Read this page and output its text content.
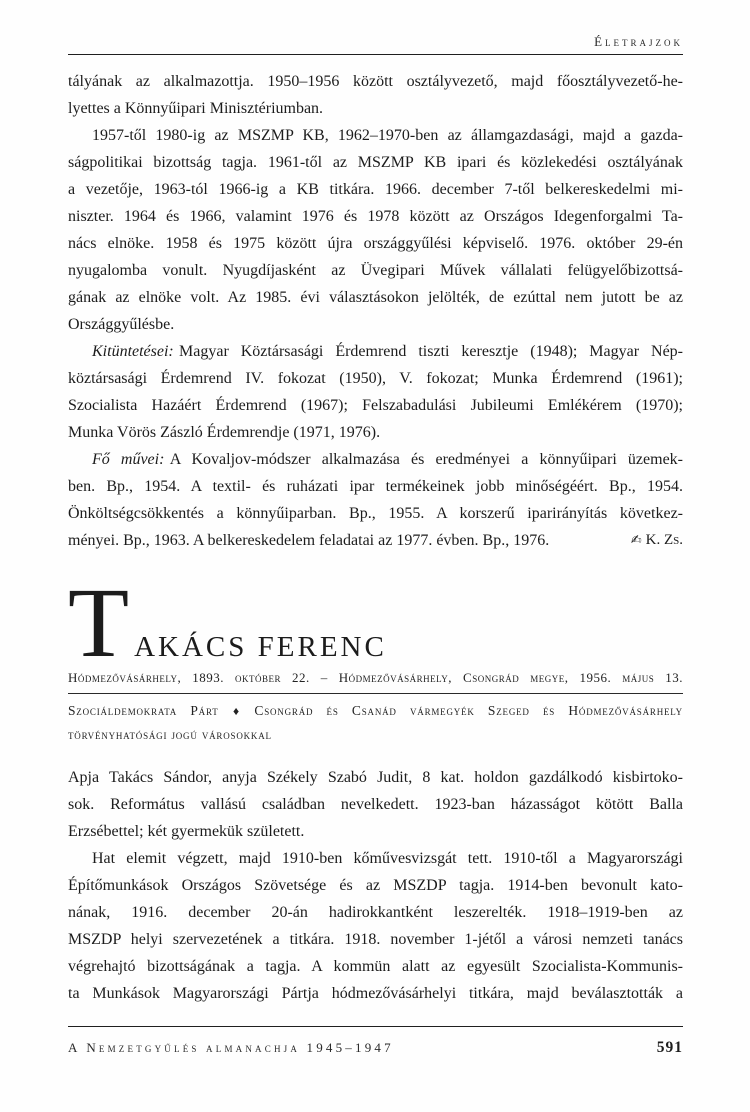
Életrajzok
tályának az alkalmazottja. 1950–1956 között osztályvezető, majd főosztályvezető-he-
lyettes a Könnyűipari Minisztériumban.
1957-től 1980-ig az MSZMP KB, 1962–1970-ben az államgazdasági, majd a gazda-
ságpolitikai bizottság tagja. 1961-től az MSZMP KB ipari és közlekedési osztályának
a vezetője, 1963-tól 1966-ig a KB titkára. 1966. december 7-től belkereskedelmi mi-
niszter. 1964 és 1966, valamint 1976 és 1978 között az Országos Idegenforgalmi Ta-
nács elnöke. 1958 és 1975 között újra országgyűlési képviselő. 1976. október 29-én
nyugalomba vonult. Nyugdíjasként az Üvegipari Művek vállalati felügyelőbizottsá-
gának az elnöke volt. Az 1985. évi választásokon jelölték, de ezúttal nem jutott be az
Országgyűlésbe.
Kitüntetései: Magyar Köztársasági Érdemrend tiszti keresztje (1948); Magyar Nép-
köztársasági Érdemrend IV. fokozat (1950), V. fokozat; Munka Érdemrend (1961);
Szocialista Hazáért Érdemrend (1967); Felszabadulási Jubileumi Emlékérem (1970);
Munka Vörös Zászló Érdemrendje (1971, 1976).
Fő művei: A Kovaljov-módszer alkalmazása és eredményei a könnyűipari üzemek-
ben. Bp., 1954. A textil- és ruházati ipar termékeinek jobb minőségéért. Bp., 1954.
Önköltségcsökkentés a könnyűiparban. Bp., 1955. A korszerű iparirányítás következ-
ményei. Bp., 1963. A belkereskedelem feladatai az 1977. évben. Bp., 1976.	✍ K. Zs.
TAKÁCS FERENC
Hódmezővásárhely, 1893. október 22. – Hódmezővásárhely, Csongrád megye, 1956. május 13.
Szociáldemokrata Párt ♦ Csongrád és Csanád vármegyék Szeged és Hódmezővásárhely
törvényhatósági jogú városokkal
Apja Takács Sándor, anyja Székely Szabó Judit, 8 kat. holdon gazdálkodó kisbirtoko-
sok. Református vallású családban nevelkedett. 1923-ban házasságot kötött Balla
Erzsébettel; két gyermekük született.
Hat elemit végzett, majd 1910-ben kőművesvizsgát tett. 1910-től a Magyarországi
Építőmunkások Országos Szövetsége és az MSZDP tagja. 1914-ben bevonult kato-
nának, 1916. december 20-án hadirokkantként leszerelték. 1918–1919-ben az
MSZDP helyi szervezetének a titkára. 1918. november 1-jétől a városi nemzeti tanács
végrehajtó bizottságának a tagja. A kommün alatt az egyesült Szocialista-Kommunis-
ta Munkások Magyarországi Pártja hódmezővásárhelyi titkára, majd beválasztották a
A Nemzetgyűlés almanachja 1945–1947	591
